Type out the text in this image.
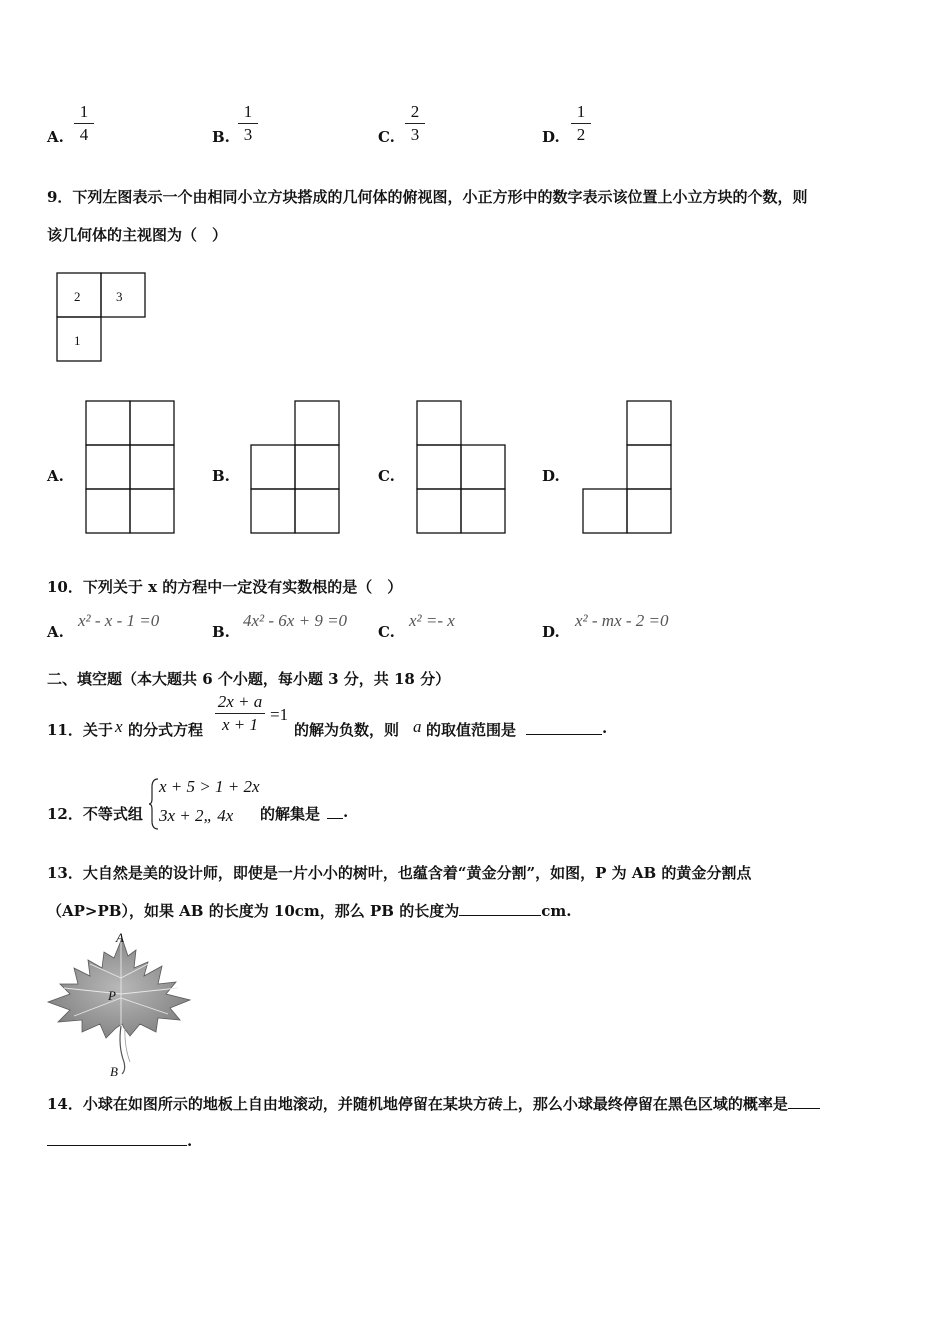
A.
1
4	B.
1
3	C.
2
3	D.
1
2
9．下列左图表示一个由相同小立方块搭成的几何体的俯视图，小正方形中的数字表示该位置上小立方块的个数，则
该几何体的主视图为（　）
2	3
1
A.	B.	C.	D.
10．下列关于 x 的方程中一定没有实数根的是（　）
A.
x² - x - 1 =0
B.
4x² - 6x + 9 =0
C.
x² =- x
D.
x² - mx - 2 =0
二、填空题（本大题共 6 个小题，每小题 3 分，共 18 分）
11．关于 x 的分式方程
2x + a
x + 1
=1
的解为负数，则 a 的取值范围是	.
12．不等式组
x + 5 > 1 + 2x
3x + 2„ 4x 的解集是 .
13．大自然是美的设计师，即使是一片小小的树叶，也蕴含着“黄金分割”，如图，P 为 AB 的黄金分割点
（AP>PB），如果 AB 的长度为 10cm，那么 PB 的长度为	cm.
A
P
B
14．小球在如图所示的地板上自由地滚动，并随机地停留在某块方砖上，那么小球最终停留在黑色区域的概率是
.
